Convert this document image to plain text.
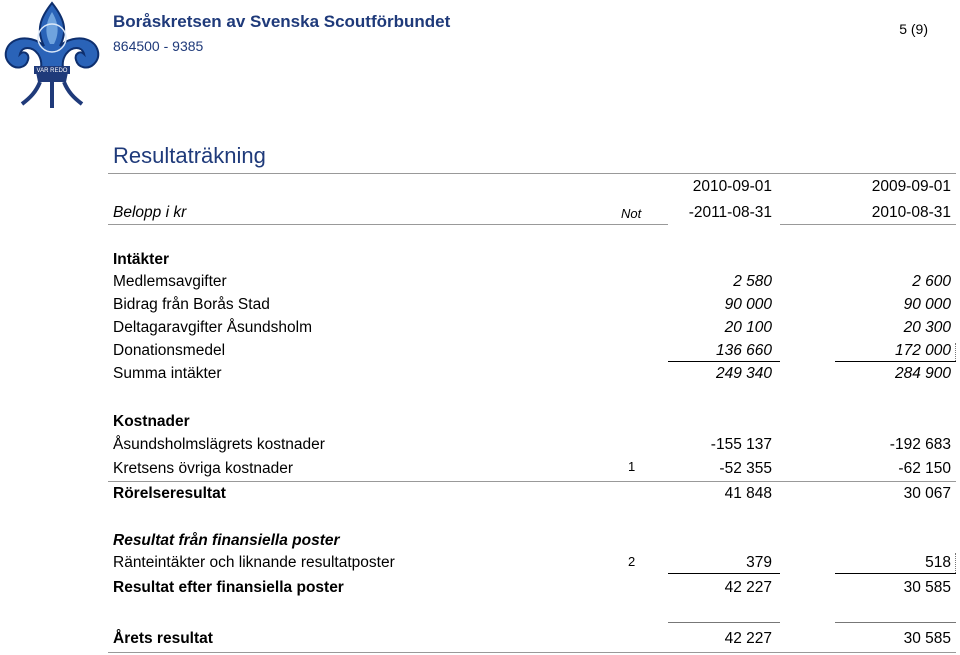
VAR REDO
Boråskretsen av Svenska Scoutförbundet
864500 - 9385
5 (9)
Resultaträkning
2010-09-01	2009-09-01
Belopp i kr	Not	-2011-08-31	2010-08-31
Intäkter
Medlemsavgifter	2 580	2 600
Bidrag från Borås Stad	90 000	90 000
Deltagaravgifter Åsundsholm	20 100	20 300
Donationsmedel	136 660	172 000
Summa intäkter	249 340	284 900
Kostnader
Åsundsholmslägrets kostnader	-155 137	-192 683
Kretsens övriga kostnader	1	-52 355	-62 150
Rörelseresultat	41 848	30 067
Resultat från finansiella poster
Ränteintäkter och liknande resultatposter	2	379	518
Resultat efter finansiella poster	42 227	30 585
Årets resultat	42 227	30 585
